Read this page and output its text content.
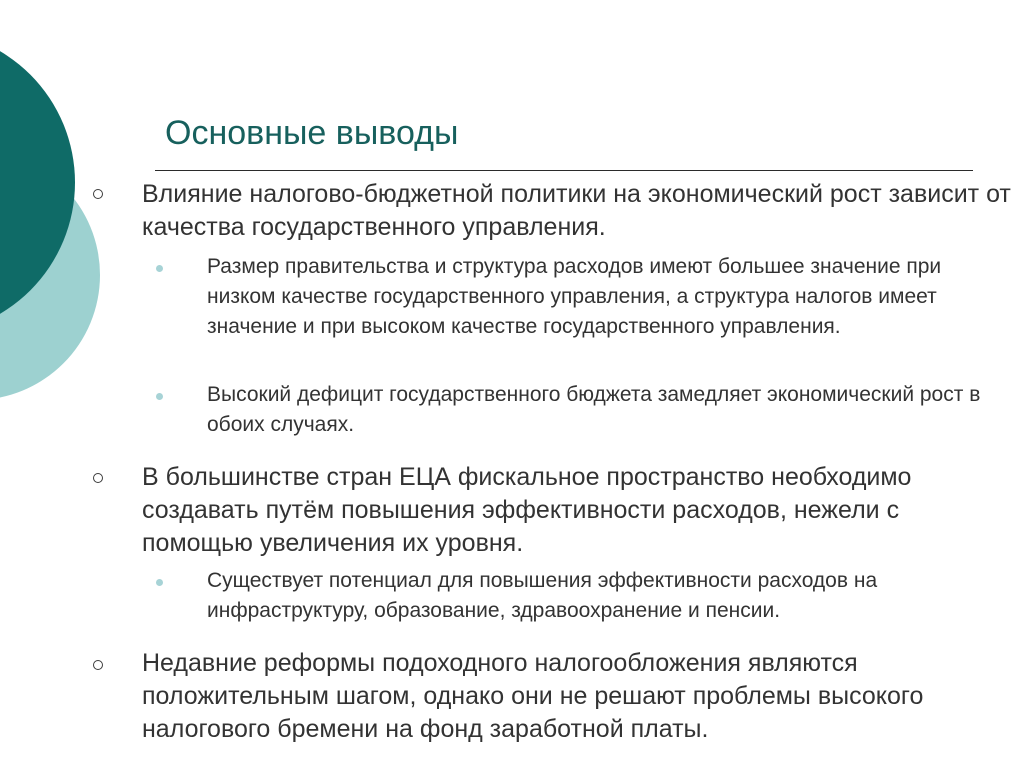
Основные выводы
Влияние налогово-бюджетной политики на экономический рост зависит от качества государственного управления.
Размер правительства и структура расходов имеют большее значение при низком качестве государственного управления, а структура налогов имеет значение и при высоком качестве государственного управления.
Высокий дефицит государственного бюджета замедляет экономический рост в обоих случаях.
В большинстве стран ЕЦА фискальное пространство необходимо создавать путём повышения эффективности расходов, нежели с помощью увеличения их уровня.
Существует потенциал для повышения эффективности расходов на инфраструктуру, образование, здравоохранение и пенсии.
Недавние реформы подоходного налогообложения являются положительным шагом, однако они не решают проблемы высокого налогового бремени на фонд заработной платы.
